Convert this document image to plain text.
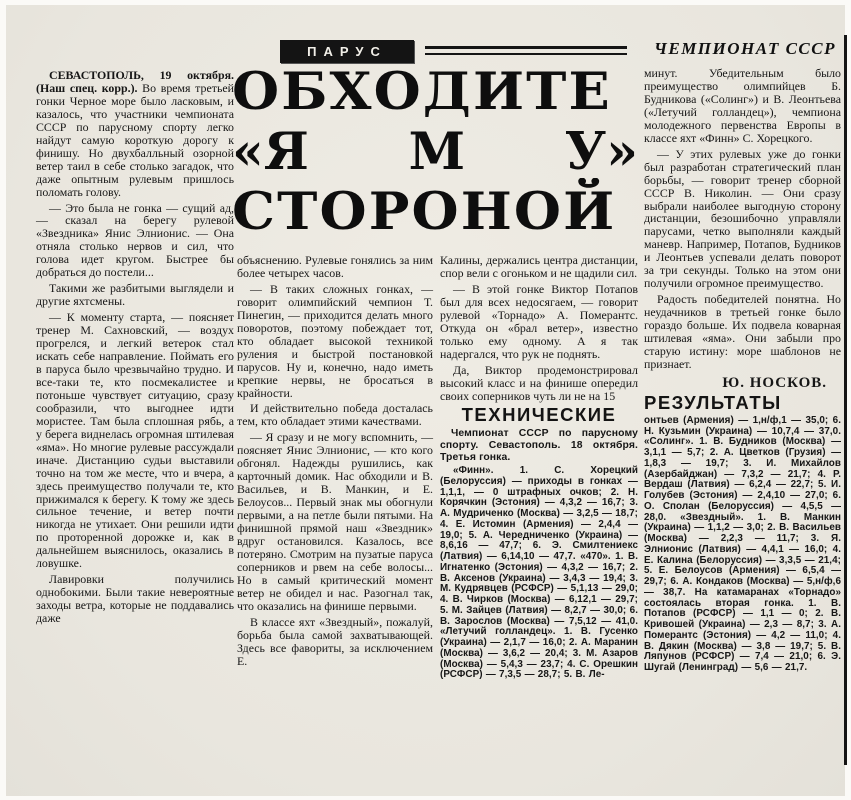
ПАРУС	ЧЕМПИОНАТ СССР
ОБХОДИТЕ
«Я М У»
СТОРОНОЙ

СЕВАСТОПОЛЬ, 19 октября. (Наш спец. корр.). Во время третьей гонки Черное море было ласковым, и казалось, что участники чемпионата СССР по парусному спорту легко найдут самую короткую дорогу к финишу. Но двухбалльный озорной ветер таил в себе столько загадок, что даже опытным рулевым пришлось поломать голову.

— Это была не гонка — сущий ад, — сказал на берегу рулевой «Звездника» Янис Элнионис. — Она отняла столько нервов и сил, что голова идет кругом. Быстрее бы добраться до постели...

Такими же разбитыми выглядели и другие яхтсмены.

— К моменту старта, — поясняет тренер М. Сахновский, — воздух прогрелся, и легкий ветерок стал искать себе направление. Поймать его в паруса было чрезвычайно трудно. И все-таки те, кто посмекалистее и потоньше чувствует ситуацию, сразу сообразили, что выгоднее идти мористее. Там была сплошная рябь, а у берега виднелась огромная штилевая «яма». Но многие рулевые рассуждали иначе. Дистанцию судьи выставили точно на том же месте, что и вчера, а здесь преимущество получали те, кто прижимался к берегу. К тому же здесь сильное течение, и ветер почти никогда не утихает. Они решили идти по проторенной дорожке и, как в дальнейшем выяснилось, оказались в ловушке.

Лавировки получились однобокими. Были такие невероятные заходы ветра, которые не поддавались даже

объяснению. Рулевые гонялись за ним более четырех часов.

— В таких сложных гонках, — говорит олимпийский чемпион Т. Пинегин, — приходится делать много поворотов, поэтому побеждает тот, кто обладает высокой техникой руления и быстрой постановкой парусов. Ну и, конечно, надо иметь крепкие нервы, не бросаться в крайности.

И действительно победа досталась тем, кто обладает этими качествами.

— Я сразу и не могу вспомнить, — поясняет Янис Элнионис, — кто кого обгонял. Надежды рушились, как карточный домик. Нас обходили и В. Васильев, и В. Манкин, и Е. Белоусов... Первый знак мы обогнули первыми, а на петле были пятыми. На финишной прямой наш «Звездник» вдруг остановился. Казалось, все потеряно. Смотрим на пузатые паруса соперников и рвем на себе волосы... Но в самый критический момент ветер не обидел и нас. Разогнал так, что оказались на финише первыми.

В классе яхт «Звездный», пожалуй, борьба была самой захватывающей. Здесь все фавориты, за исключением Е.

Калины, держались центра дистанции, спор вели с огоньком и не щадили сил.

— В этой гонке Виктор Потапов был для всех недосягаем, — говорит рулевой «Торнадо» А. Померантс. Откуда он «брал ветер», известно только ему одному. А я так надергался, что рук не поднять.

Да, Виктор продемонстрировал высокий класс и на финише опередил своих соперников чуть ли не на 15

ТЕХНИЧЕСКИЕ

Чемпионат СССР по парусному спорту. Севастополь. 18 октября. Третья гонка.

«Финн». 1. С. Хорецкий (Белоруссия) — приходы в гонках — 1,1,1, — 0 штрафных очков; 2. Н. Корячкин (Эстония) — 4,3,2 — 16,7; 3. А. Мудриченко (Москва) — 3,2,5 — 18,7; 4. Е. Истомин (Армения) — 2,4,4 — 19,0; 5. А. Чередниченко (Украина) — 8,6,16 — 47,7; 6. Э. Смилтениекс (Латвия) — 6,14,10 — 47,7. «470». 1. В. Игнатенко (Эстония) — 4,3,2 — 16,7; 2. В. Аксенов (Украина) — 3,4,3 — 19,4; 3. М. Кудрявцев (РСФСР) — 5,1,13 — 29,0; 4. В. Чирков (Москва) — 6,12,1 — 29,7; 5. М. Зайцев (Латвия) — 8,2,7 — 30,0; 6. В. Зарослов (Москва) — 7,5,12 — 41,0. «Летучий голландец». 1. В. Гусенко (Украина) — 2,1,7 — 16,0; 2. А. Маранин (Москва) — 3,6,2 — 20,4; 3. М. Азаров (Москва) — 5,4,3 — 23,7; 4. С. Орешкин (РСФСР) — 7,3,5 — 28,7; 5. В. Ле-

минут. Убедительным было преимущество олимпийцев Б. Будникова («Солинг») и В. Леонтьева («Летучий голландец»), чемпиона молодежного первенства Европы в классе яхт «Финн» С. Хорецкого.

— У этих рулевых уже до гонки был разработан стратегический план борьбы, — говорит тренер сборной СССР В. Николин. — Они сразу выбрали наиболее выгодную сторону дистанции, безошибочно управляли парусами, четко выполняли каждый маневр. Например, Потапов, Будников и Леонтьев успевали делать поворот за три секунды. Только на этом они получили огромное преимущество.

Радость победителей понятна. Но неудачников в третьей гонке было гораздо больше. Их подвела коварная штилевая «яма». Они забыли про старую истину: море шаблонов не признает.

Ю. НОСКОВ.
РЕЗУЛЬТАТЫ

онтьев (Армения) — 1,н/ф,1 — 35,0; 6. Н. Кузьмин (Украина) — 10,7,4 — 37,0. «Солинг». 1. В. Будников (Москва) — 3,1,1 — 5,7; 2. А. Цветков (Грузия) — 1,8,3 — 19,7; 3. И. Михайлов (Азербайджан) — 7,3,2 — 21,7; 4. Р. Вердаш (Латвия) — 6,2,4 — 22,7; 5. И. Голубев (Эстония) — 2,4,10 — 27,0; 6. О. Сполан (Белоруссия) — 4,5,5 — 28,0. «Звездный». 1. В. Манкин (Украина) — 1,1,2 — 3,0; 2. В. Васильев (Москва) — 2,2,3 — 11,7; 3. Я. Элнионис (Латвия) — 4,4,1 — 16,0; 4. Е. Калина (Белоруссия) — 3,3,5 — 21,4; 5. Е. Белоусов (Армения) — 6,5,4 — 29,7; 6. А. Кондаков (Москва) — 5,н/ф,6 — 38,7. На катамаранах «Торнадо» состоялась вторая гонка. 1. В. Потапов (РСФСР) — 1,1 — 0; 2. В. Кривошей (Украина) — 2,3 — 8,7; 3. А. Померантс (Эстония) — 4,2 — 11,0; 4. В. Дякин (Москва) — 3,8 — 19,7; 5. В. Ляпунов (РСФСР) — 7,4 — 21,0; 6. Э. Шугай (Ленинград) — 5,6 — 21,7.
